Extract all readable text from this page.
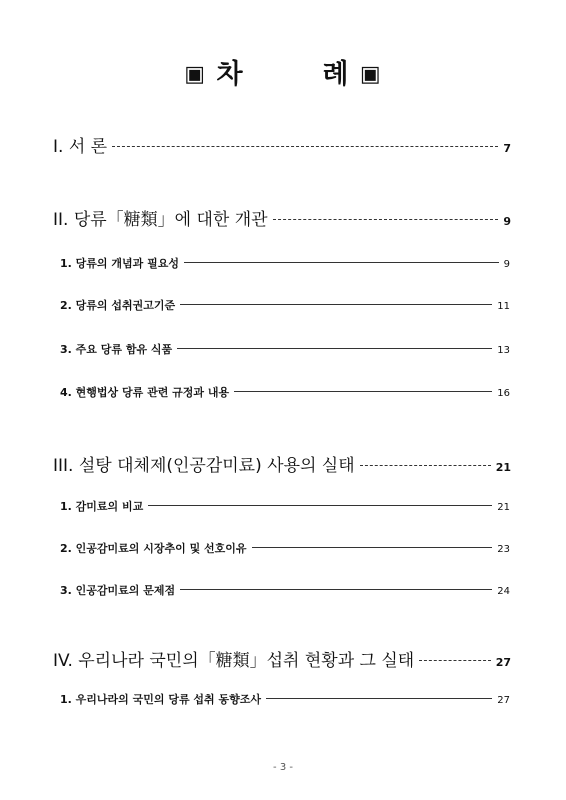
▣ 차	례 ▣
I. 서 론	7
II. 당류「糖類」에 대한 개관	9
1. 당류의 개념과 필요성	9
2. 당류의 섭취권고기준	11
3. 주요 당류 함유 식품	13
4. 현행법상 당류 관련 규정과 내용	16
III. 설탕 대체제(인공감미료) 사용의 실태	21
1. 감미료의 비교	21
2. 인공감미료의 시장추이 및 선호이유	23
3. 인공감미료의 문제점	24
IV. 우리나라 국민의「糖類」섭취 현황과 그 실태	27
1. 우리나라의 국민의 당류 섭취 동향조사	27
- 3 -
